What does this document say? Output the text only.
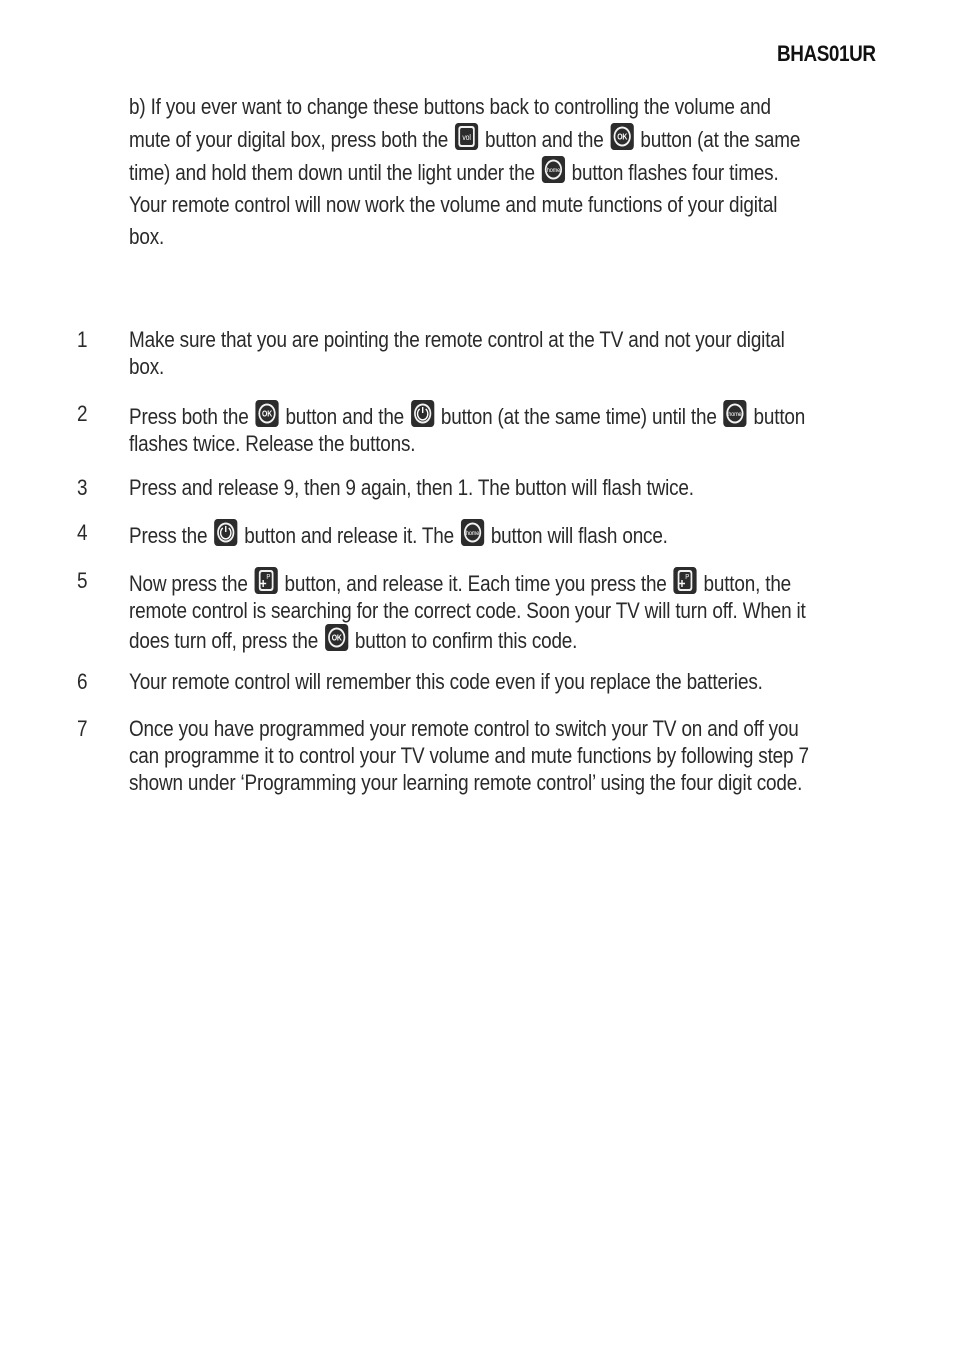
BHAS01UR
b) If you ever want to change these buttons back to controlling the volume and
mute of your digital box, press both the vol button and the OK button (at the same
time) and hold them down until the light under the home button flashes four times.
Your remote control will now work the volume and mute functions of your digital
box.
1 Make sure that you are pointing the remote control at the TV and not your digital
box.
2 Press both the OK button and the button (at the same time) until the home button
flashes twice. Release the buttons.
3 Press and release 9, then 9 again, then 1. The button will flash twice.
4 Press the button and release it. The home button will flash once.
5 Now press the	P button, and release it. Each time you press the	P button, the
remote control is searching for the correct code. Soon your TV will turn off. When it
does turn off, press the OK button to confirm this code.
6 Your remote control will remember this code even if you replace the batteries.
7 Once you have programmed your remote control to switch your TV on and off you
can programme it to control your TV volume and mute functions by following step 7
shown under ‘Programming your learning remote control’ using the four digit code.
